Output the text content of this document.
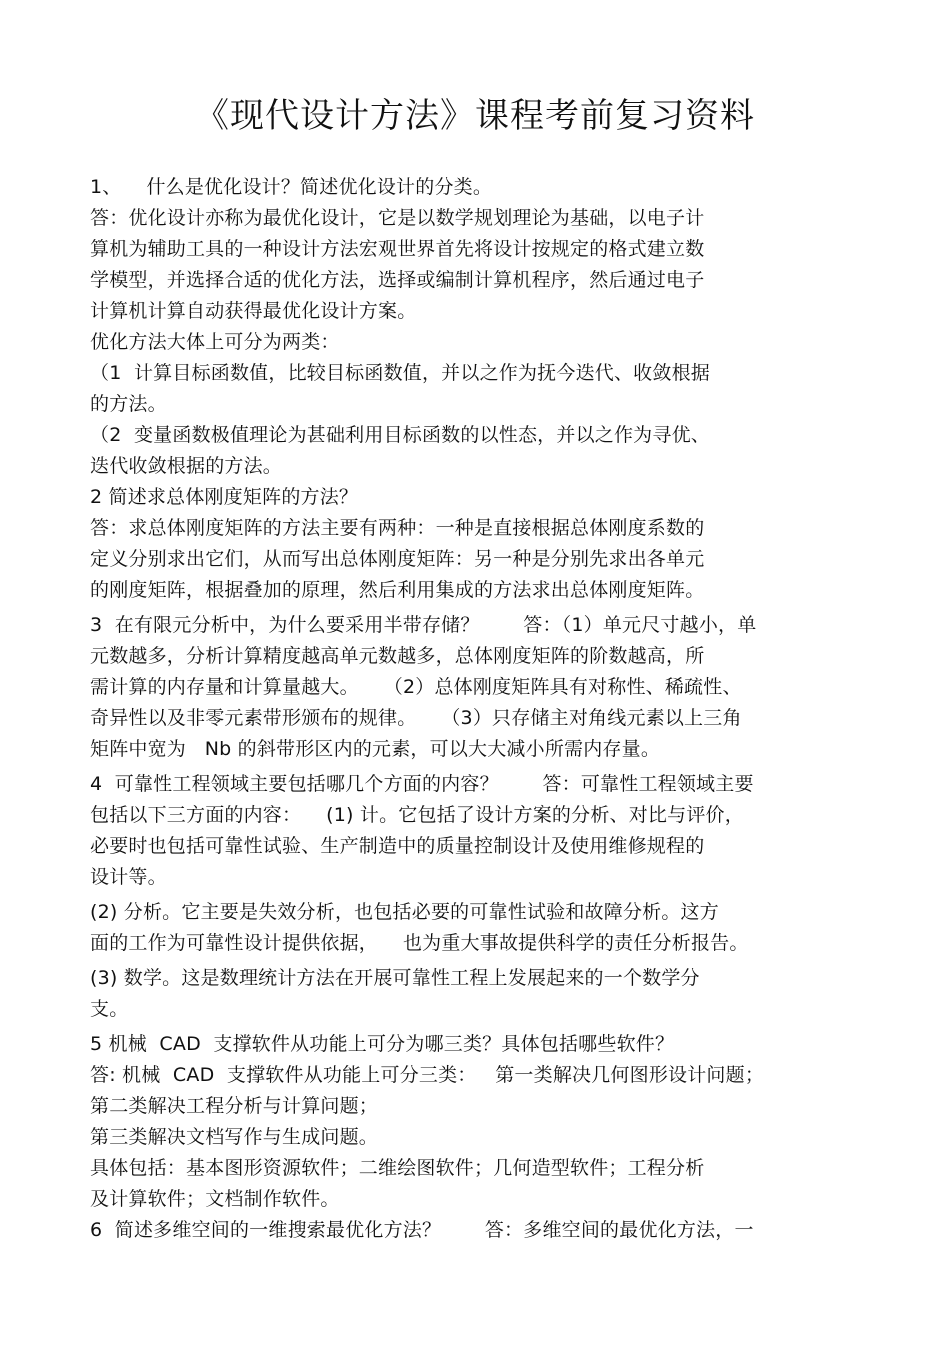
《现代设计方法》课程考前复习资料
1、    什么是优化设计？简述优化设计的分类。
答：优化设计亦称为最优化设计，它是以数学规划理论为基础，以电子计
算机为辅助工具的一种设计方法宏观世界首先将设计按规定的格式建立数
学模型，并选择合适的优化方法，选择或编制计算机程序，然后通过电子
计算机计算自动获得最优化设计方案。
优化方法大体上可分为两类：
（1  计算目标函数值，比较目标函数值，并以之作为抚今迭代、收敛根据
的方法。
（2  变量函数极值理论为甚础利用目标函数的以性态，并以之作为寻优、
迭代收敛根据的方法。
2 简述求总体刚度矩阵的方法？
答：求总体刚度矩阵的方法主要有两种：一种是直接根据总体刚度系数的
定义分别求出它们，从而写出总体刚度矩阵：另一种是分别先求出各单元
的刚度矩阵，根据叠加的原理，然后利用集成的方法求出总体刚度矩阵。
3  在有限元分析中，为什么要采用半带存储？       答：（1）单元尺寸越小，单
元数越多，分析计算精度越高单元数越多，总体刚度矩阵的阶数越高，所
需计算的内存量和计算量越大。    （2）总体刚度矩阵具有对称性、稀疏性、
奇异性以及非零元素带形颁布的规律。    （3）只存储主对角线元素以上三角
矩阵中宽为   Nb 的斜带形区内的元素，可以大大减小所需内存量。
4  可靠性工程领域主要包括哪几个方面的内容？       答：可靠性工程领域主要
包括以下三方面的内容：    (1) 计。它包括了设计方案的分析、对比与评价，
必要时也包括可靠性试验、生产制造中的质量控制设计及使用维修规程的
设计等。
(2) 分析。它主要是失效分析，也包括必要的可靠性试验和故障分析。这方
面的工作为可靠性设计提供依据，    也为重大事故提供科学的责任分析报告。
(3) 数学。这是数理统计方法在开展可靠性工程上发展起来的一个数学分
支。
5 机械  CAD  支撑软件从功能上可分为哪三类？具体包括哪些软件？
答: 机械  CAD  支撑软件从功能上可分三类：   第一类解决几何图形设计问题；
第二类解决工程分析与计算问题；
第三类解决文档写作与生成问题。
具体包括：基本图形资源软件；二维绘图软件；几何造型软件；工程分析
及计算软件；文档制作软件。
6  简述多维空间的一维搜索最优化方法？       答：多维空间的最优化方法，一
